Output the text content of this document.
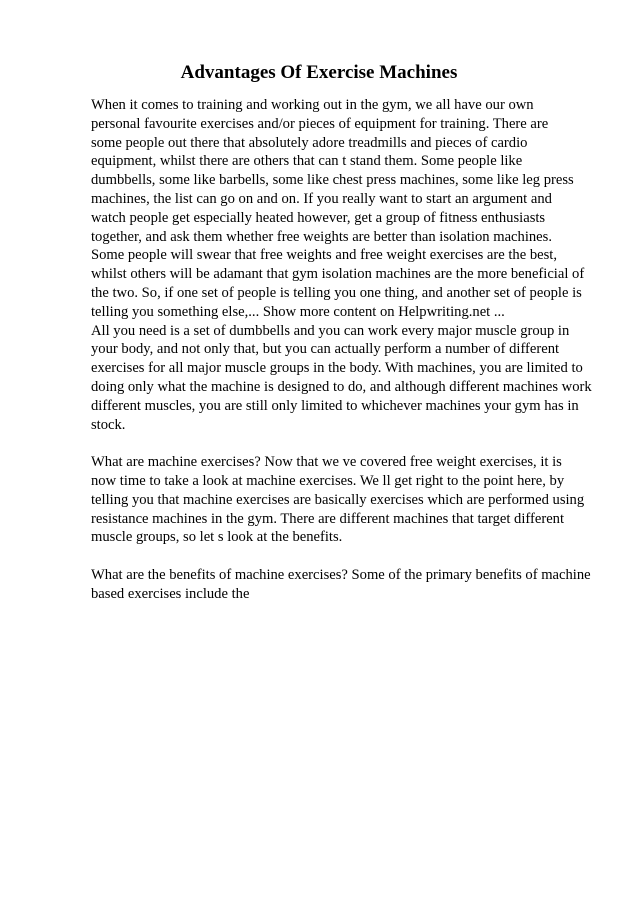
Advantages Of Exercise Machines
When it comes to training and working out in the gym, we all have our own
personal favourite exercises and/or pieces of equipment for training. There are
some people out there that absolutely adore treadmills and pieces of cardio
equipment, whilst there are others that can t stand them. Some people like
dumbbells, some like barbells, some like chest press machines, some like leg press
machines, the list can go on and on. If you really want to start an argument and
watch people get especially heated however, get a group of fitness enthusiasts
together, and ask them whether free weights are better than isolation machines.
Some people will swear that free weights and free weight exercises are the best,
whilst others will be adamant that gym isolation machines are the more beneficial of
the two. So, if one set of people is telling you one thing, and another set of people is
telling you something else,... Show more content on Helpwriting.net ...
All you need is a set of dumbbells and you can work every major muscle group in
your body, and not only that, but you can actually perform a number of different
exercises for all major muscle groups in the body. With machines, you are limited to
doing only what the machine is designed to do, and although different machines work
different muscles, you are still only limited to whichever machines your gym has in
stock.
What are machine exercises? Now that we ve covered free weight exercises, it is
now time to take a look at machine exercises. We ll get right to the point here, by
telling you that machine exercises are basically exercises which are performed using
resistance machines in the gym. There are different machines that target different
muscle groups, so let s look at the benefits.
What are the benefits of machine exercises? Some of the primary benefits of machine
based exercises include the
